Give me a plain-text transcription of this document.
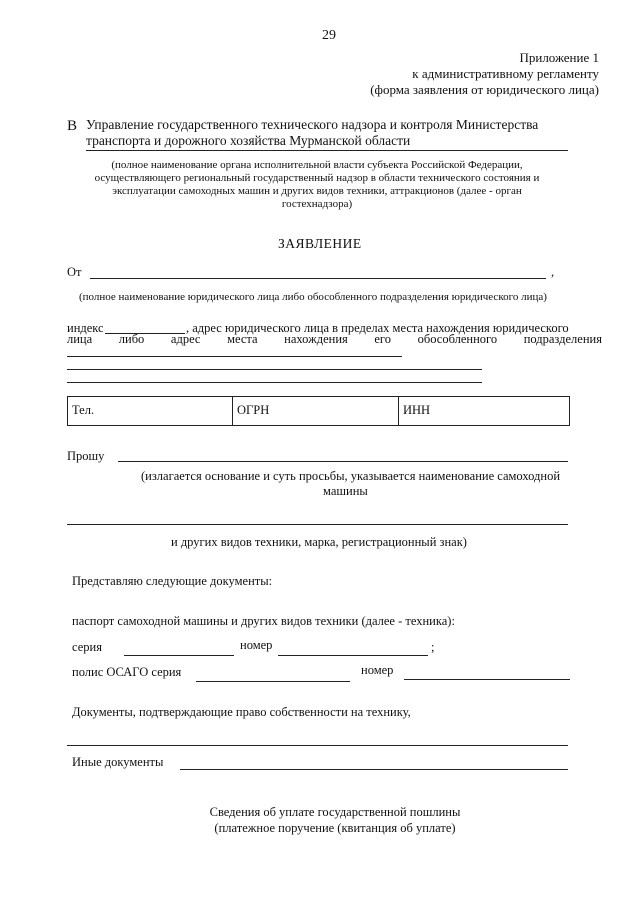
29
Приложение 1
к административному регламенту
(форма заявления от юридического лица)
В Управление государственного технического надзора и контроля Министерства
транспорта и дорожного хозяйства Мурманской области
(полное наименование органа исполнительной власти субъекта Российской Федерации,
осуществляющего региональный государственный надзор в области технического состояния и
эксплуатации самоходных машин и других видов техники, аттракционов (далее - орган
гостехнадзора)
ЗАЯВЛЕНИЕ
От	,
(полное наименование юридического лица либо обособленного подразделения юридического лица)
индекс	, адрес юридического лица в пределах места нахождения юридического
лица либо адрес места нахождения его обособленного подразделения
Тел.	ОГРН	ИНН
Прошу
(излагается основание и суть просьбы, указывается наименование самоходной
машины
и других видов техники, марка, регистрационный знак)
Представляю следующие документы:
паспорт самоходной машины и других видов техники (далее - техника):
серия	номер	;
полис ОСАГО серия	номер
Документы, подтверждающие право собственности на технику,
Иные документы
Сведения об уплате государственной пошлины
(платежное поручение (квитанция об уплате)
